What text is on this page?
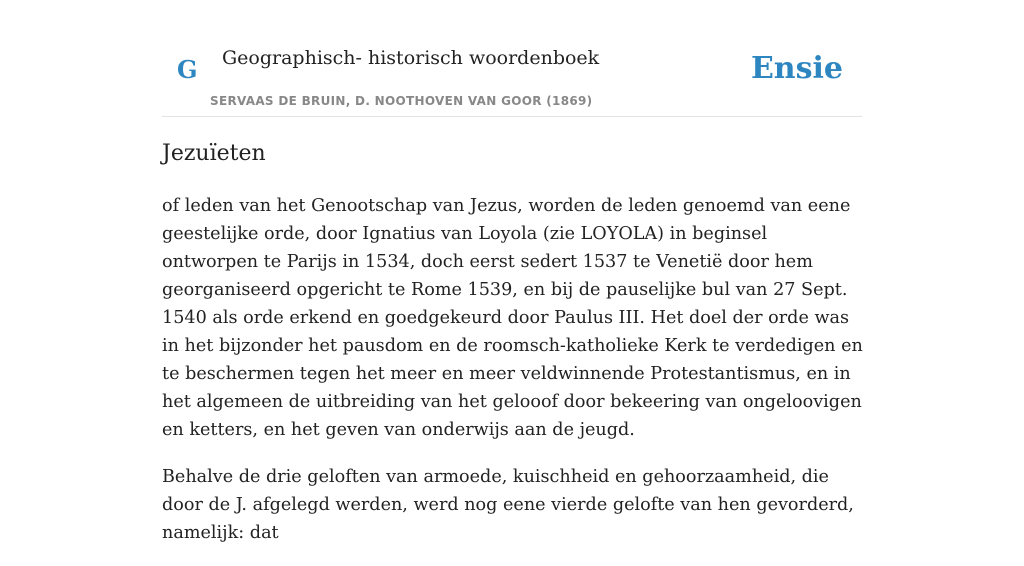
G Geographisch- historisch woordenboek
SERVAAS DE BRUIN, D. NOOTHOVEN VAN GOOR (1869)
Ensie
Jezuïeten

of leden van het Genootschap van Jezus, worden de leden genoemd van eene geestelijke orde, door Ignatius van Loyola (zie LOYOLA) in beginsel ontworpen te Parijs in 1534, doch eerst sedert 1537 te Venetië door hem georganiseerd opgericht te Rome 1539, en bij de pauselijke bul van 27 Sept. 1540 als orde erkend en goedgekeurd door Paulus III. Het doel der orde was in het bijzonder het pausdom en de roomsch-katholieke Kerk te verdedigen en te beschermen tegen het meer en meer veldwinnende Protestantismus, en in het algemeen de uitbreiding van het gelooof door bekeering van ongeloovigen en ketters, en het geven van onderwijs aan de jeugd.

Behalve de drie geloften van armoede, kuischheid en gehoorzaamheid, die door de J. afgelegd werden, werd nog eene vierde gelofte van hen gevorderd, namelijk: dat
